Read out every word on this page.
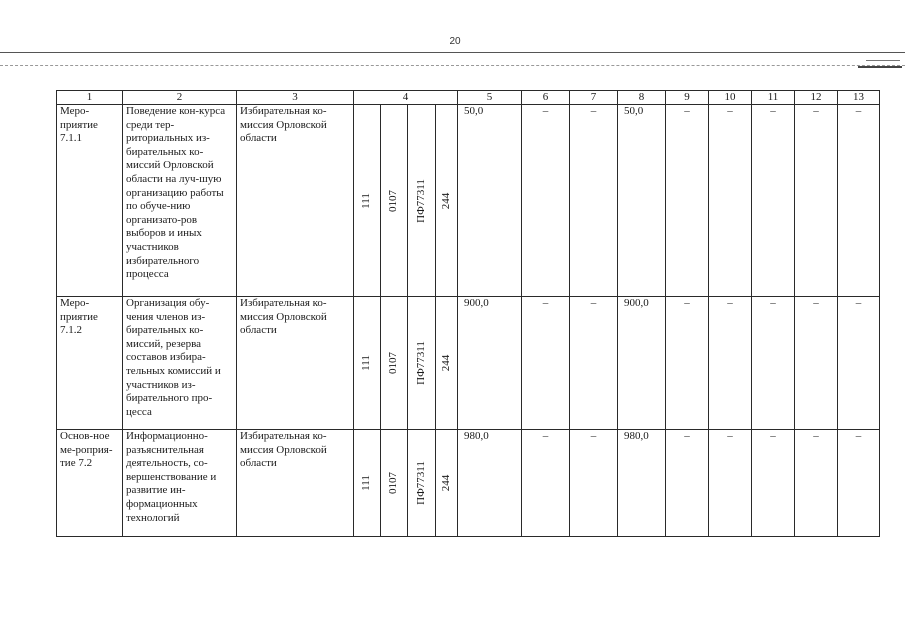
20
1	2	3	4				5	6	7	8	9	10	11	12	13
Меро-приятие 7.1.1	Поведение кон-курса среди тер-риториальных из-бирательных ко-миссий Орловской области на луч-шую организацию работы по обуче-нию организато-ров выборов и иных участников избирательного процесса	Избирательная ко-миссия Орловской области	111	0107	ПФ77311	244	50,0	–	–	50,0	–	–	–	–	–
Меро-приятие 7.1.2	Организация обу-чения членов из-бирательных ко-миссий, резерва составов избира-тельных комиссий и участников из-бирательного про-цесса	Избирательная ко-миссия Орловской области	111	0107	ПФ77311	244	900,0	–	–	900,0	–	–	–	–	–
Основ-ное ме-роприя-тие 7.2	Информационно-разъяснительная деятельность, со-вершенствование и развитие ин-формационных технологий	Избирательная ко-миссия Орловской области	111	0107	ПФ77311	244	980,0	–	–	980,0	–	–	–	–	–
